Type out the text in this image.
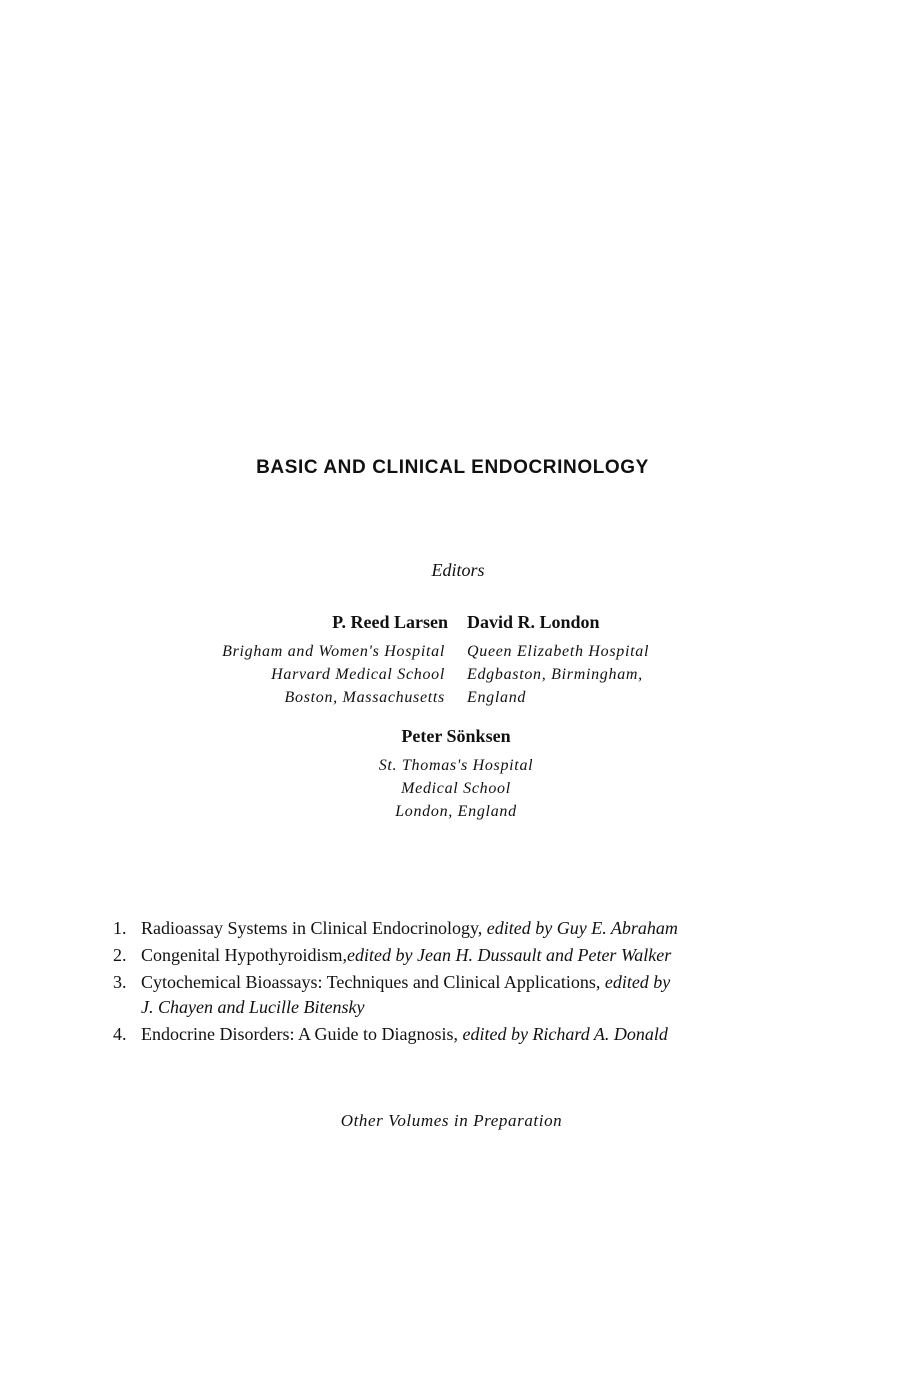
BASIC AND CLINICAL ENDOCRINOLOGY
Editors
P. Reed Larsen David R. London
Brigham and Women's Hospital
Harvard Medical School
Boston, Massachusetts
Queen Elizabeth Hospital
Edgbaston, Birmingham,
England
Peter Sönksen
St. Thomas's Hospital
Medical School
London, England
1. Radioassay Systems in Clinical Endocrinology, edited by Guy E. Abraham
2. Congenital Hypothyroidism,edited by Jean H. Dussault and Peter Walker
3. Cytochemical Bioassays: Techniques and Clinical Applications, edited by
J. Chayen and Lucille Bitensky
4. Endocrine Disorders: A Guide to Diagnosis, edited by Richard A. Donald
Other Volumes in Preparation
